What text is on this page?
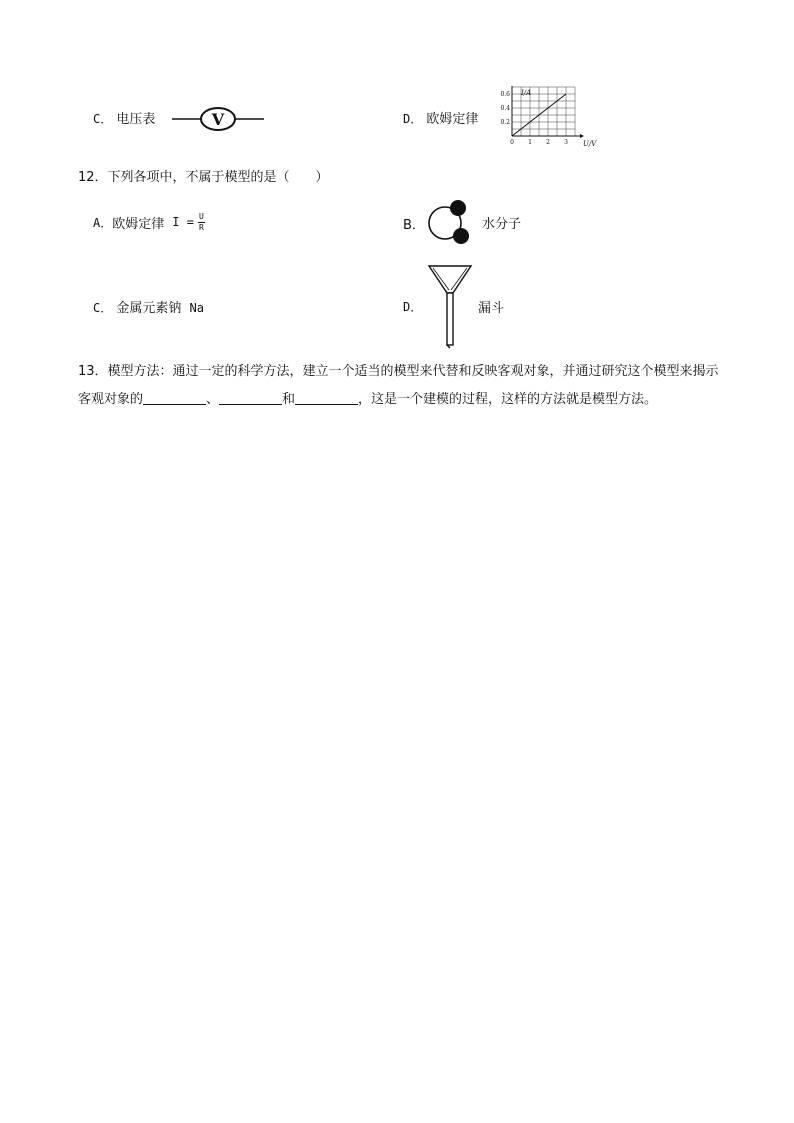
C． 电压表	V	D． 欧姆定律	0.2
0.4
0.6
0 1 2 3
I/A
U/V
12．下列各项中，不属于模型的是（　　）
A． 欧姆定律 $I = \frac{U}{R}$	B．	水分子
C． 金属元素钠 Na	D．	漏斗
13．模型方法：通过一定的科学方法，建立一个适当的模型来代替和反映客观对象，并通过研究这个模型来揭示客观对象的	、	和	，这是一个建模的过程，这样的方法就是模型方法。
